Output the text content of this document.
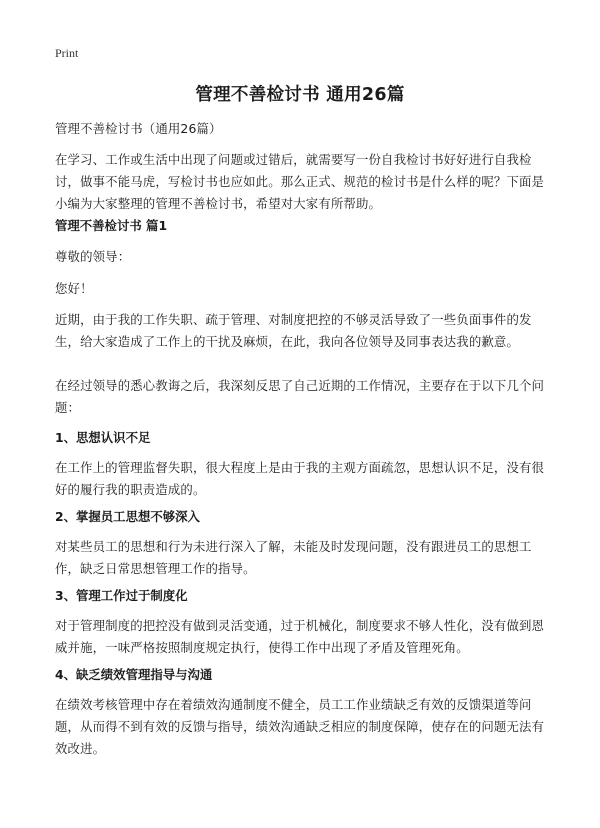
Print
管理不善检讨书 通用26篇

管理不善检讨书（通用26篇）

在学习、工作或生活中出现了问题或过错后，就需要写一份自我检讨书好好进行自我检讨，做事不能马虎，写检讨书也应如此。那么正式、规范的检讨书是什么样的呢？下面是小编为大家整理的管理不善检讨书，希望对大家有所帮助。

管理不善检讨书 篇1

尊敬的领导：

您好！

近期，由于我的工作失职、疏于管理、对制度把控的不够灵活导致了一些负面事件的发生，给大家造成了工作上的干扰及麻烦，在此，我向各位领导及同事表达我的歉意。

在经过领导的悉心教诲之后，我深刻反思了自己近期的工作情况，主要存在于以下几个问题：

1、思想认识不足

在工作上的管理监督失职，很大程度上是由于我的主观方面疏忽，思想认识不足，没有很好的履行我的职责造成的。

2、掌握员工思想不够深入

对某些员工的思想和行为未进行深入了解，未能及时发现问题，没有跟进员工的思想工作，缺乏日常思想管理工作的指导。

3、管理工作过于制度化

对于管理制度的把控没有做到灵活变通，过于机械化，制度要求不够人性化，没有做到恩威并施，一味严格按照制度规定执行，使得工作中出现了矛盾及管理死角。

4、缺乏绩效管理指导与沟通

在绩效考核管理中存在着绩效沟通制度不健全，员工工作业绩缺乏有效的反馈渠道等问题，从而得不到有效的反馈与指导，绩效沟通缺乏相应的制度保障，使存在的问题无法有效改进。
